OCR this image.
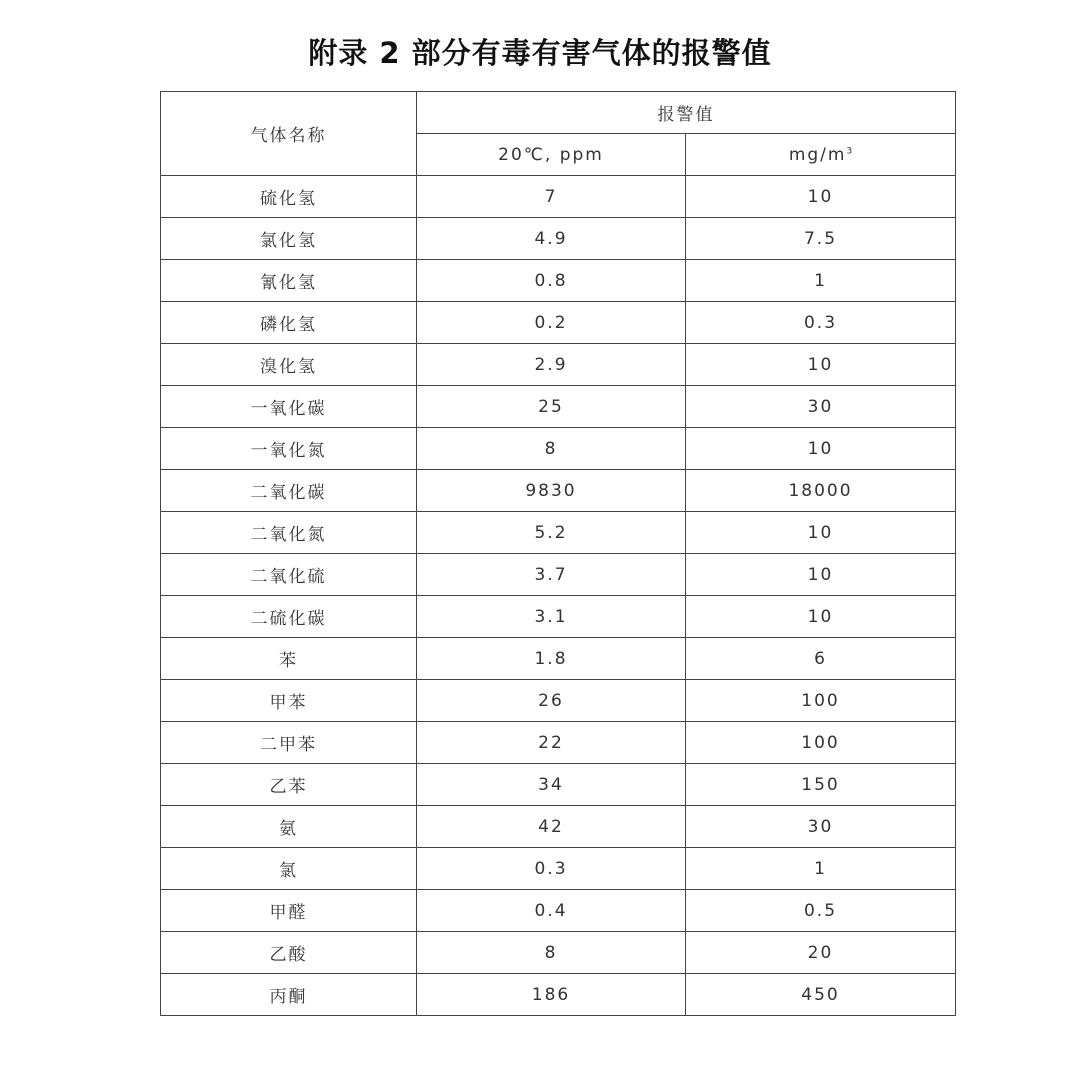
附录 2 部分有毒有害气体的报警值
气体名称	报警值	
	20℃, ppm	$mg/m^3$
硫化氢	7	10
氯化氢	4.9	7.5
氰化氢	0.8	1
磷化氢	0.2	0.3
溴化氢	2.9	10
一氧化碳	25	30
一氧化氮	8	10
二氧化碳	9830	18000
二氧化氮	5.2	10
二氧化硫	3.7	10
二硫化碳	3.1	10
苯	1.8	6
甲苯	26	100
二甲苯	22	100
乙苯	34	150
氨	42	30
氯	0.3	1
甲醛	0.4	0.5
乙酸	8	20
丙酮	186	450
